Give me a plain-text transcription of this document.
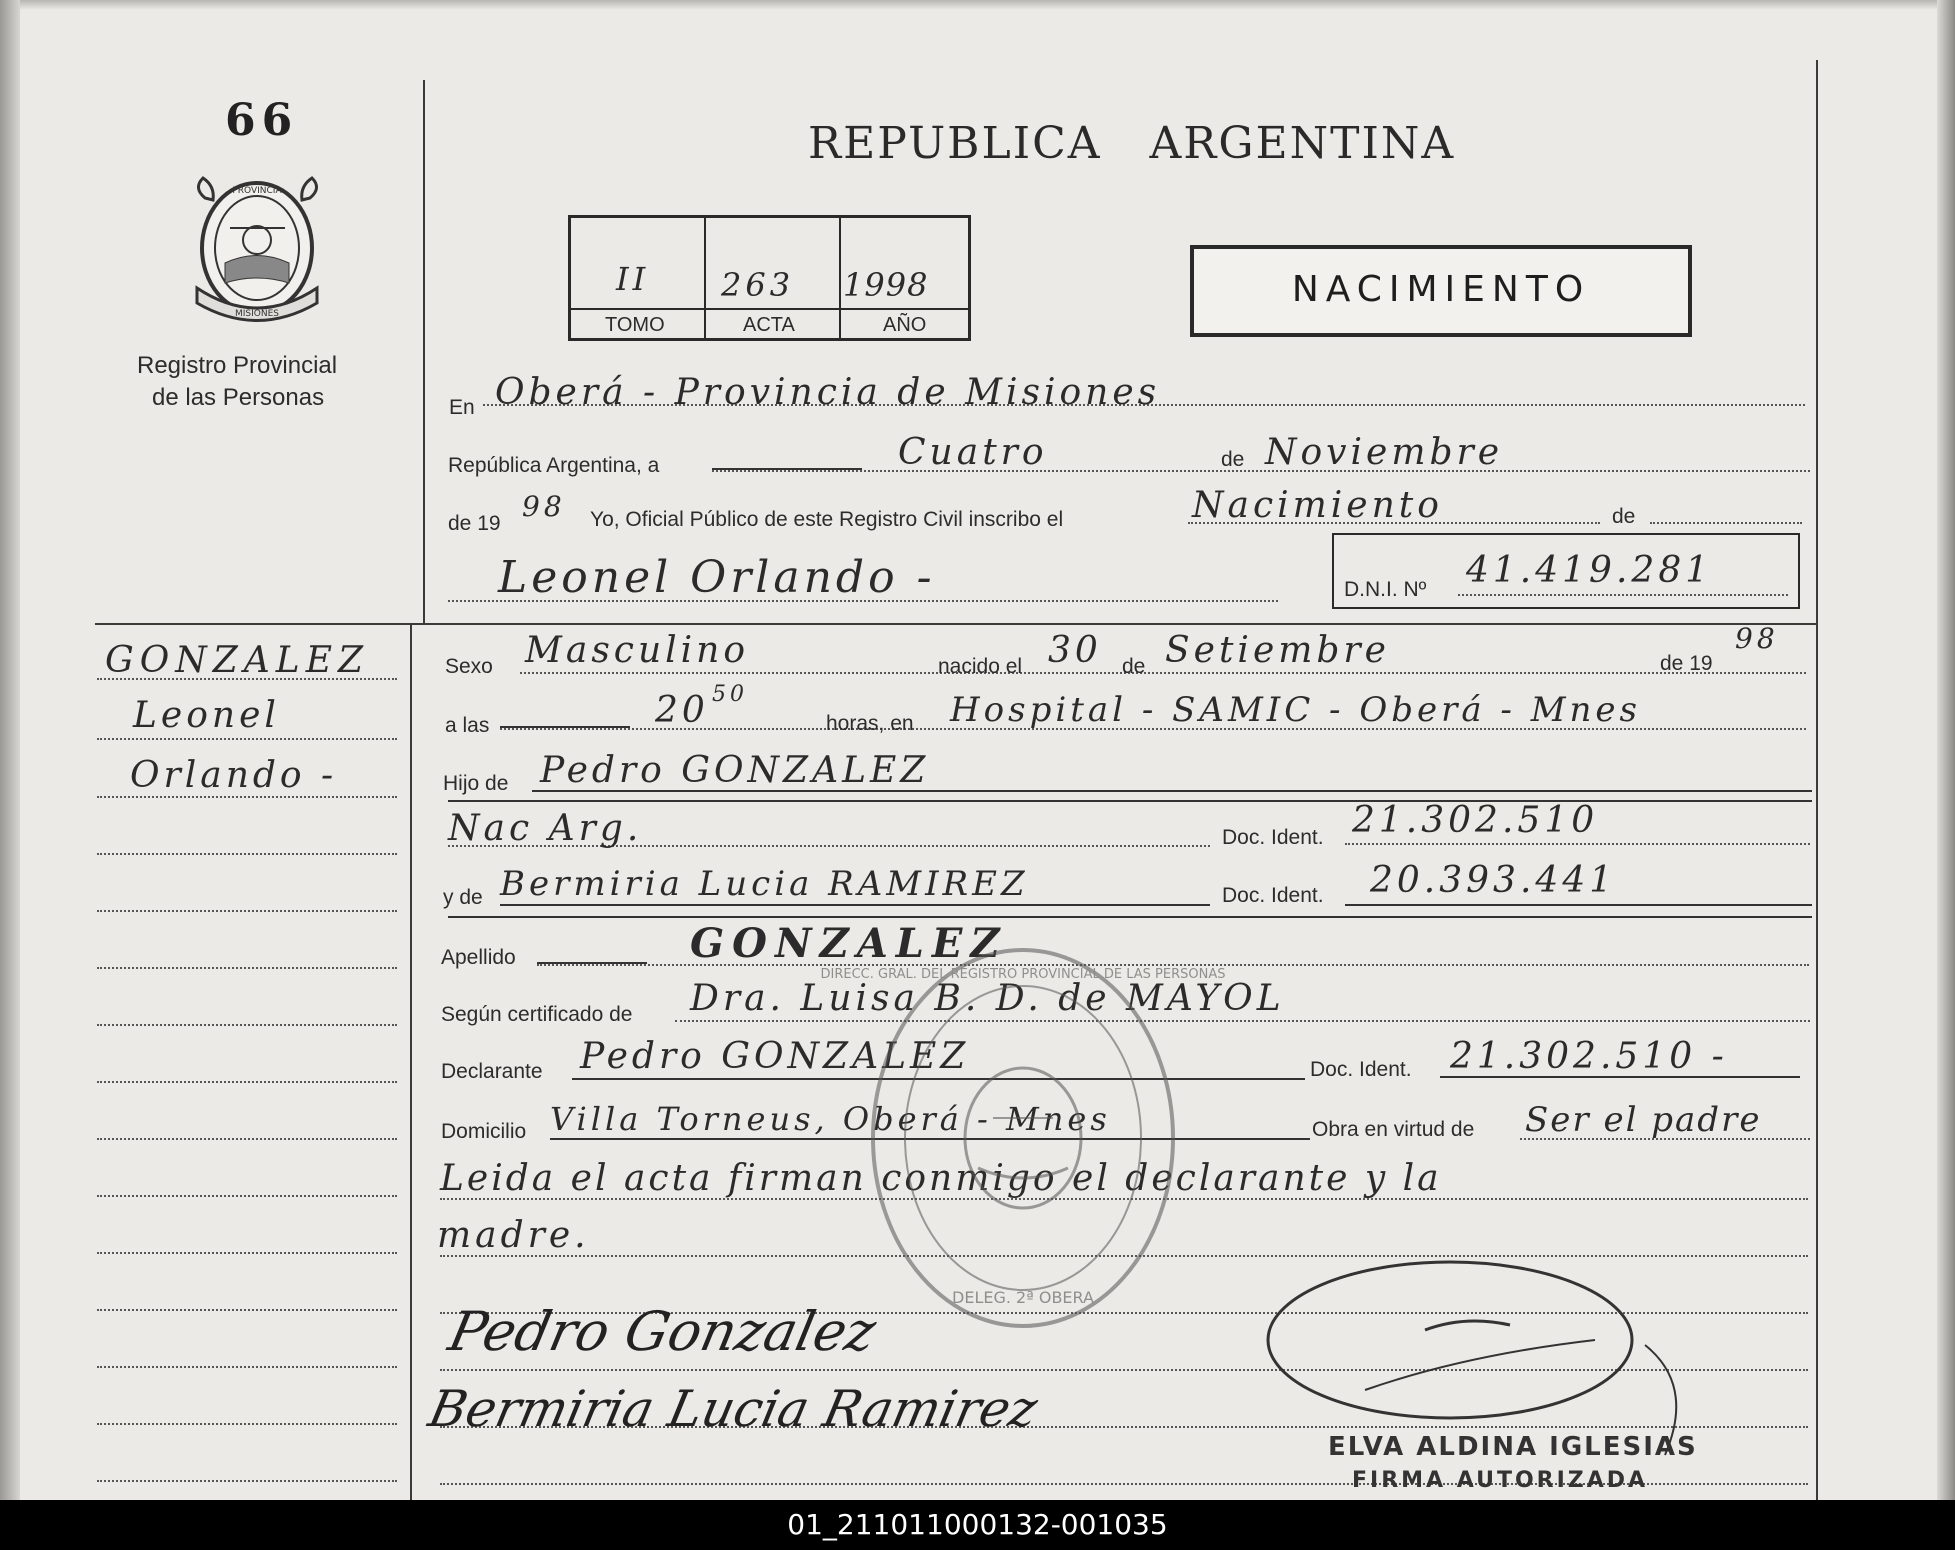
66
PROVINCIA
MISIONES
Registro Provincial
de las Personas
REPUBLICA   ARGENTINA
II 263 1998
TOMO	ACTA	AÑO
NACIMIENTO
En Oberá - Provincia de Misiones
República Argentina, a	Cuatro	de Noviembre
de 19
98 Yo, Oficial Público de este Registro Civil inscribo el	Nacimiento	de
Leonel Orlando -	D.N.I. Nº 41.419.281
GONZALEZ
Leonel
Orlando -
Sexo Masculino	nacido el 30 de Setiembre	de 19
98
a las	20 50
horas, en Hospital - SAMIC - Oberá - Mnes
Hijo de Pedro GONZALEZ
Nac Arg.	Doc. Ident. 21.302.510
y de Bermiria Lucia RAMIREZ	Doc. Ident. 20.393.441
Apellido	GONZALEZ
Según certificado de Dra. Luisa B. D. de MAYOL
Declarante Pedro GONZALEZ	Doc. Ident. 21.302.510 -
Domicilio Villa Torneus, Oberá - Mnes	Obra en virtud de Ser el padre
Leida el acta firman conmigo el declarante y la
madre.
DELEG. 2ª OBERA
DIRECC. GRAL. DEL REGISTRO PROVINCIAL DE LAS PERSONAS
Pedro Gonzalez
Bermiria Lucia Ramirez
ELVA ALDINA IGLESIAS
FIRMA AUTORIZADA
01_211011000132-001035
